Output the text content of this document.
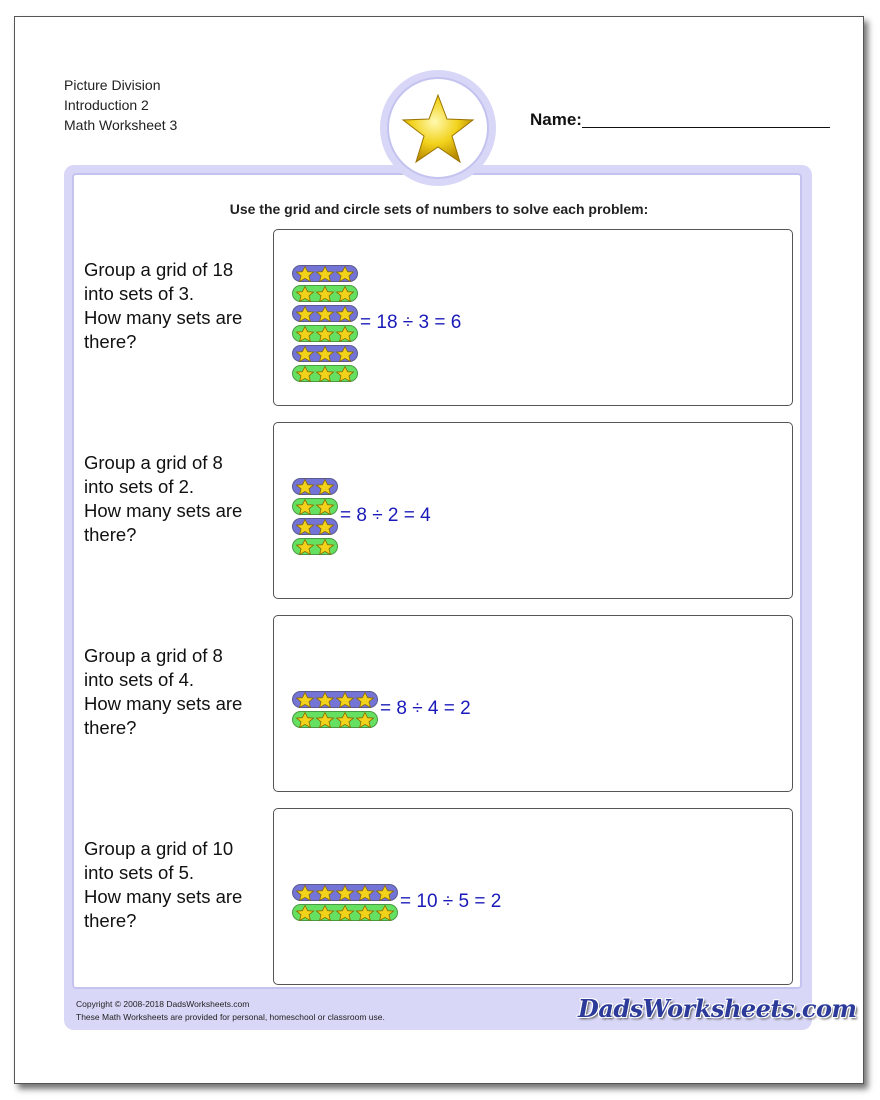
Picture Division
Introduction 2
Math Worksheet 3	Name:
Use the grid and circle sets of numbers to solve each problem:
Group a grid of 18
into sets of 3.
How many sets are
there?
= 18 ÷ 3 = 6
Group a grid of 8
into sets of 2.
How many sets are
there?
= 8 ÷ 2 = 4
Group a grid of 8
into sets of 4.
How many sets are
there?
= 8 ÷ 4 = 2
Group a grid of 10
into sets of 5.
How many sets are
there?
= 10 ÷ 5 = 2
Copyright © 2008-2018 DadsWorksheets.com
These Math Worksheets are provided for personal, homeschool or classroom use.	DadsWorksheets.com
